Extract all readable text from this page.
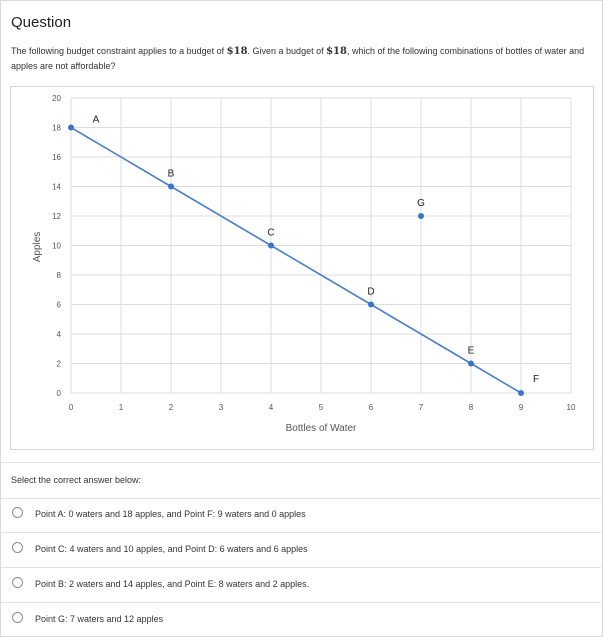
Question
The following budget constraint applies to a budget of $18. Given a budget of $18, which of the following combinations of bottles of water and apples are not affordable?
0
2
4
6
8
10
12
14
16
18
20
0	1	2	3	4	5	6	7	8	9	10
A
B
C
D
E
F
G
Bottles of Water
Apples
Select the correct answer below:
Point A: 0 waters and 18 apples, and Point F: 9 waters and 0 apples
Point C: 4 waters and 10 apples, and Point D: 6 waters and 6 apples
Point B: 2 waters and 14 apples, and Point E: 8 waters and 2 apples.
Point G: 7 waters and 12 apples
